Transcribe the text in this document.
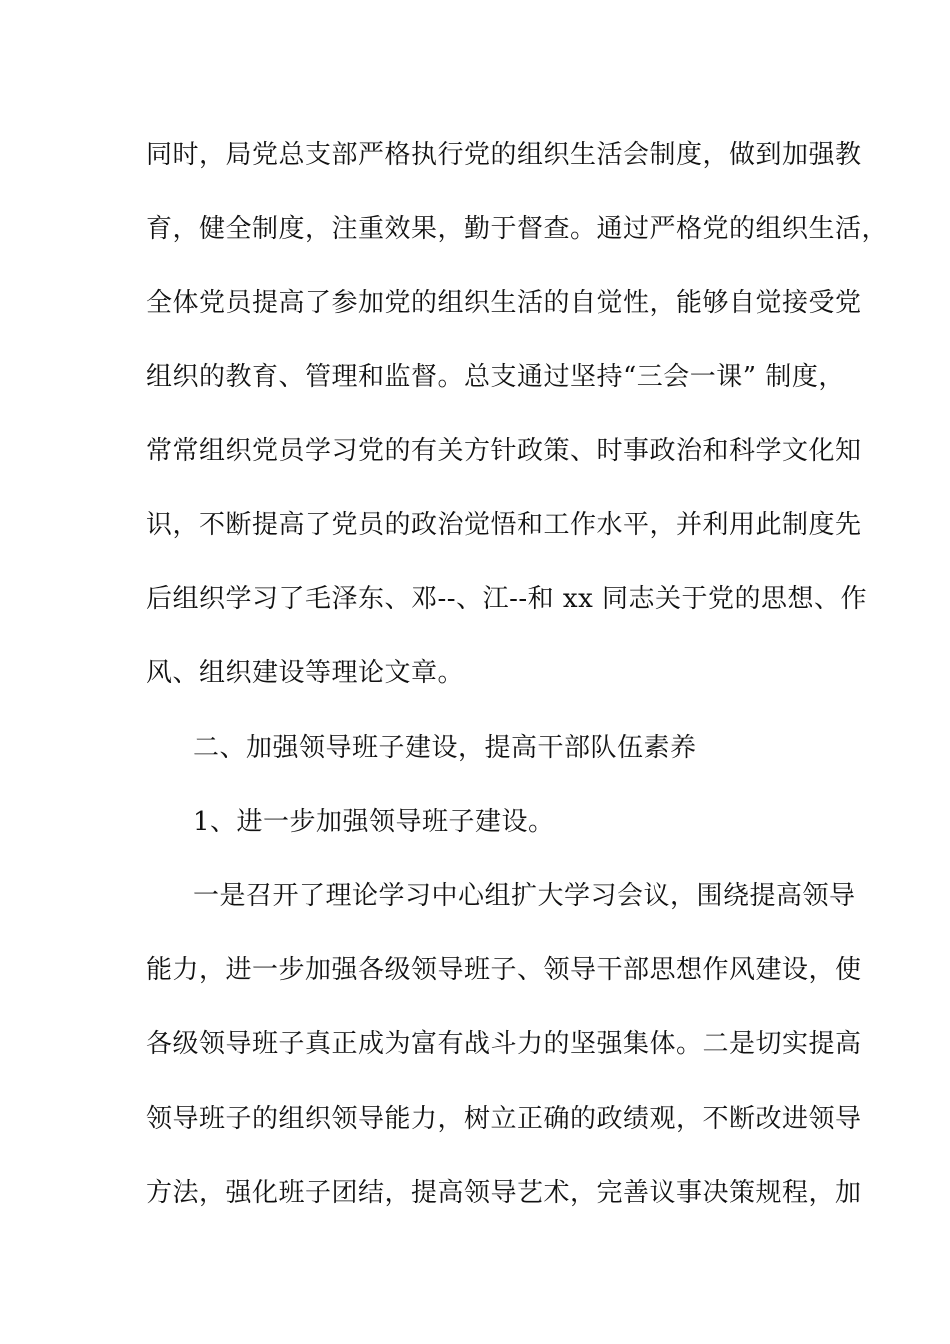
同时，局党总支部严格执行党的组织生活会制度，做到加强教
育，健全制度，注重效果，勤于督查。通过严格党的组织生活，
全体党员提高了参加党的组织生活的自觉性，能够自觉接受党
组织的教育、管理和监督。总支通过坚持“三会一课” 制度，
常常组织党员学习党的有关方针政策、时事政治和科学文化知
识，不断提高了党员的政治觉悟和工作水平，并利用此制度先
后组织学习了毛泽东、邓--、江--和 xx 同志关于党的思想、作
风、组织建设等理论文章。
二、加强领导班子建设，提高干部队伍素养
1、进一步加强领导班子建设。
一是召开了理论学习中心组扩大学习会议，围绕提高领导
能力，进一步加强各级领导班子、领导干部思想作风建设，使
各级领导班子真正成为富有战斗力的坚强集体。二是切实提高
领导班子的组织领导能力，树立正确的政绩观，不断改进领导
方法，强化班子团结，提高领导艺术，完善议事决策规程，加
